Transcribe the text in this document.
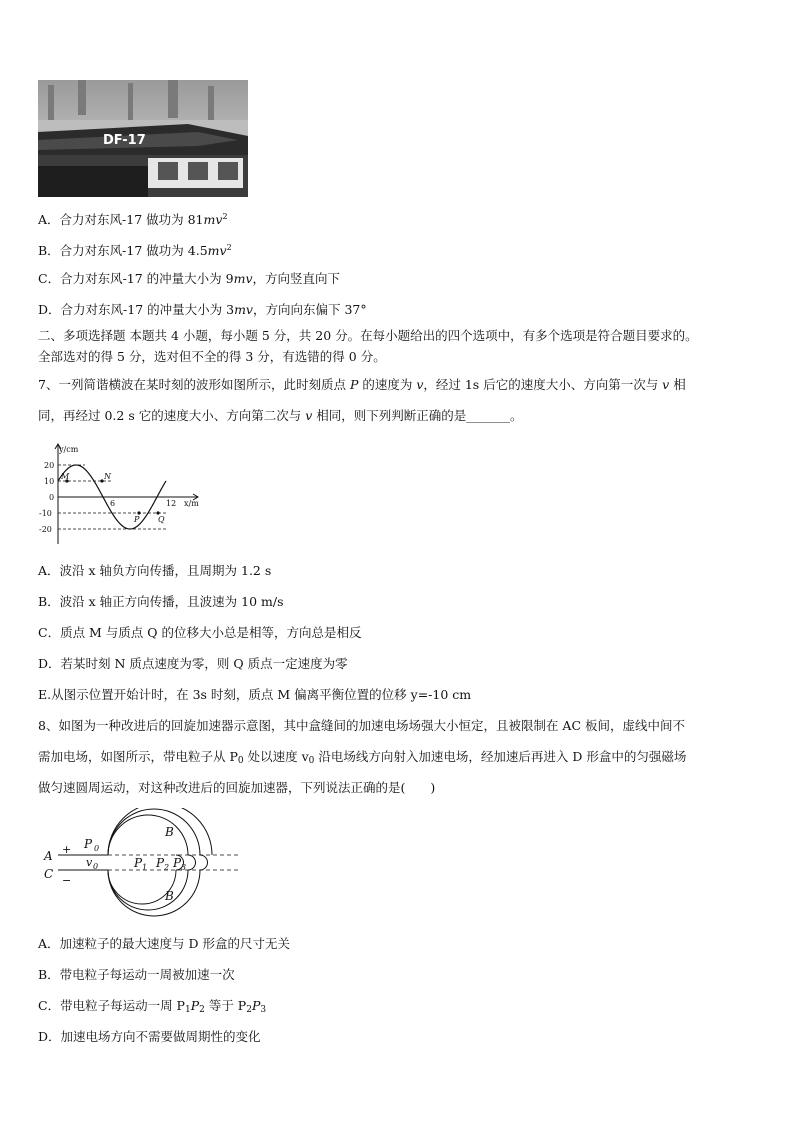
DF-17
A．合力对东风-17 做功为 $81mv^2$
B．合力对东风-17 做功为 $4.5mv^2$
C．合力对东风-17 的冲量大小为 9mv，方向竖直向下
D．合力对东风-17 的冲量大小为 3mv，方向向东偏下 37°
二、多项选择题 本题共 4 小题，每小题 5 分，共 20 分。在每小题给出的四个选项中，有多个选项是符合题目要求的。
全部选对的得 5 分，选对但不全的得 3 分，有选错的得 0 分。
7、一列简谐横波在某时刻的波形如图所示，此时刻质点 P 的速度为 v，经过 1s 后它的速度大小、方向第一次与 v 相
同，再经过 0.2 s 它的速度大小、方向第二次与 v 相同，则下列判断正确的是_______。
y/cm
x/m
20
10
0
-10
-20
6	12
M	N
P Q
A．波沿 x 轴负方向传播，且周期为 1.2 s
B．波沿 x 轴正方向传播，且波速为 10 m/s
C．质点 M 与质点 Q 的位移大小总是相等，方向总是相反
D．若某时刻 N 质点速度为零，则 Q 质点一定速度为零
E.从图示位置开始计时，在 3s 时刻，质点 M 偏离平衡位置的位移 y=-10 cm
8、如图为一种改进后的回旋加速器示意图，其中盒缝间的加速电场场强大小恒定，且被限制在 AC 板间，虚线中间不
需加电场，如图所示，带电粒子从 $P_0$ 处以速度 $v_0$ 沿电场线方向射入加速电场，经加速后再进入 D 形盒中的匀强磁场
做匀速圆周运动，对这种改进后的回旋加速器，下列说法正确的是(　　)
A
C
B
B
P 0
v 0	P 1 P 2 P 3
+
−
A．加速粒子的最大速度与 D 形盒的尺寸无关
B．带电粒子每运动一周被加速一次
C．带电粒子每运动一周 $P_1P_2$ 等于 $P_2P_3$
D．加速电场方向不需要做周期性的变化
